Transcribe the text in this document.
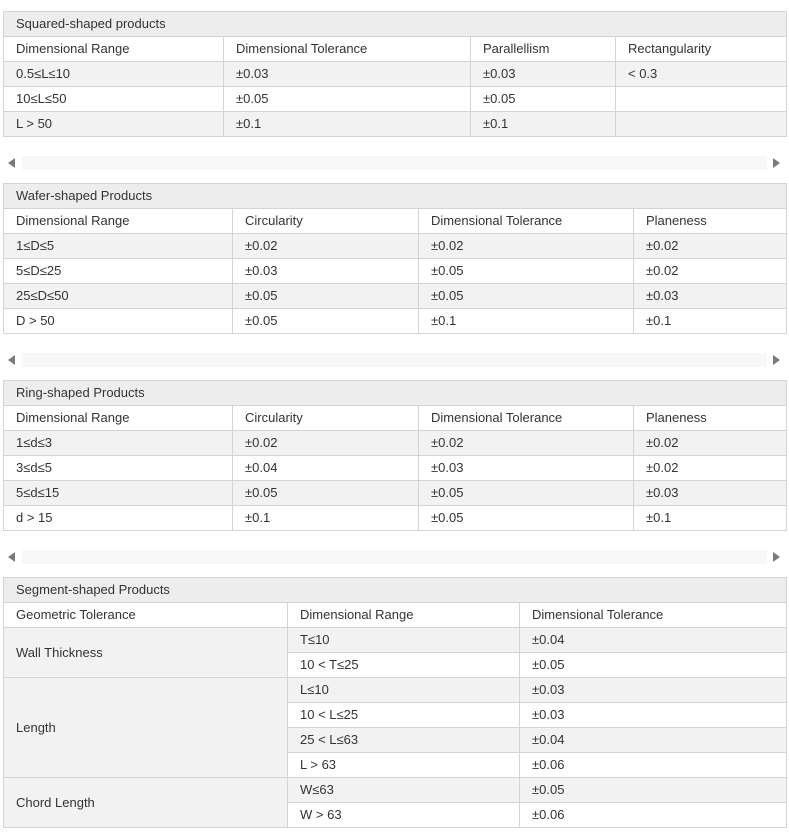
Squared-shaped products			
Dimensional Range	Dimensional Tolerance	Parallellism	Rectangularity
0.5≤L≤10	±0.03	±0.03	< 0.3
10≤L≤50	±0.05	±0.05	
L > 50	±0.1	±0.1	
Wafer-shaped Products			
Dimensional Range	Circularity	Dimensional Tolerance	Planeness
1≤D≤5	±0.02	±0.02	±0.02
5≤D≤25	±0.03	±0.05	±0.02
25≤D≤50	±0.05	±0.05	±0.03
D > 50	±0.05	±0.1	±0.1
Ring-shaped Products			
Dimensional Range	Circularity	Dimensional Tolerance	Planeness
1≤d≤3	±0.02	±0.02	±0.02
3≤d≤5	±0.04	±0.03	±0.02
5≤d≤15	±0.05	±0.05	±0.03
d > 15	±0.1	±0.05	±0.1
Segment-shaped Products		
Geometric Tolerance	Dimensional Range	Dimensional Tolerance
Wall Thickness	T≤10	±0.04
	10 < T≤25	±0.05
Length	L≤10	±0.03
	10 < L≤25	±0.03
	25 < L≤63	±0.04
	L > 63	±0.06
Chord Length	W≤63	±0.05
	W > 63	±0.06
